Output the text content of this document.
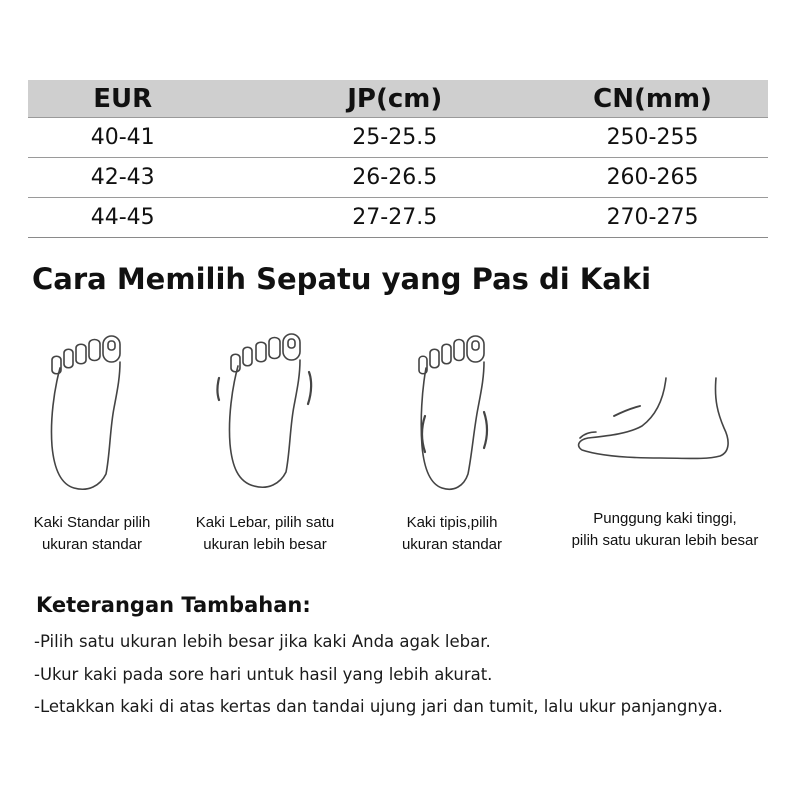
EUR	JP(cm)	CN(mm)
40-41	25-25.5	250-255
42-43	26-26.5	260-265
44-45	27-27.5	270-275
Cara Memilih Sepatu yang Pas di Kaki
Kaki Standar pilih
ukuran standar
Kaki Lebar, pilih satu
ukuran lebih besar
Kaki tipis,pilih
ukuran standar
Punggung kaki tinggi,
pilih satu ukuran lebih besar
Keterangan Tambahan:
-Pilih satu ukuran lebih besar jika kaki Anda agak lebar.
-Ukur kaki pada sore hari untuk hasil yang lebih akurat.
-Letakkan kaki di atas kertas dan tandai ujung jari dan tumit, lalu ukur panjangnya.
